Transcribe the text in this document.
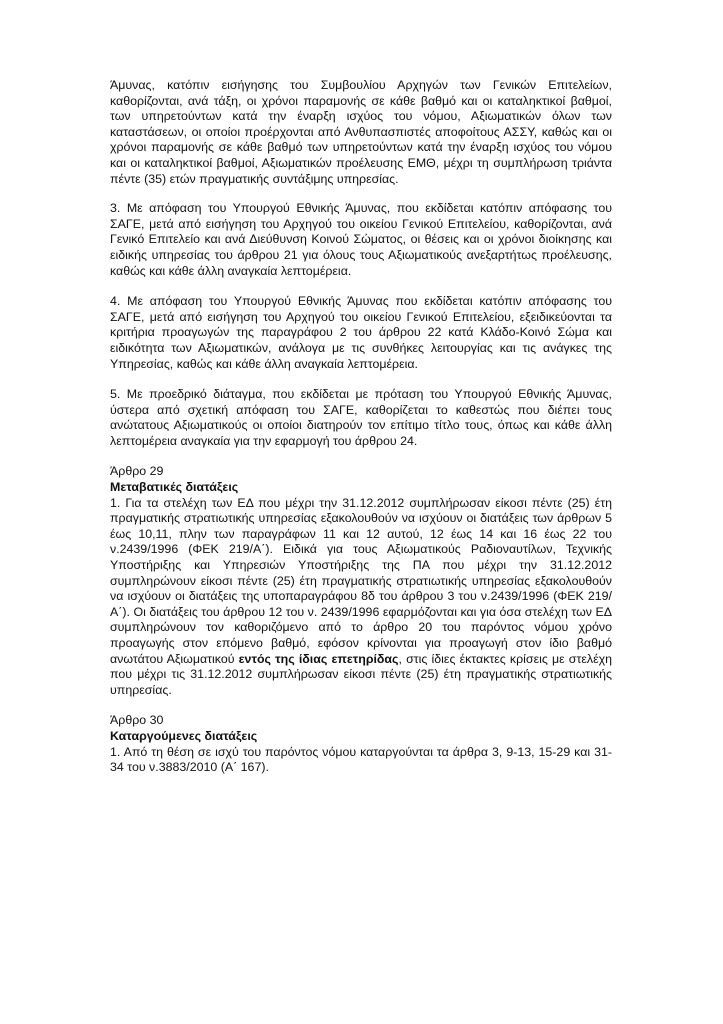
Άμυνας, κατόπιν εισήγησης του Συμβουλίου Αρχηγών των Γενικών Επιτελείων, καθορίζονται, ανά τάξη, οι χρόνοι παραμονής σε κάθε βαθμό και οι καταληκτικοί βαθμοί, των υπηρετούντων κατά την έναρξη ισχύος του νόμου, Αξιωματικών όλων των καταστάσεων, οι οποίοι προέρχονται από Ανθυπασπιστές αποφοίτους ΑΣΣΥ, καθώς και οι χρόνοι παραμονής σε κάθε βαθμό των υπηρετούντων κατά την έναρξη ισχύος του νόμου και οι καταληκτικοί βαθμοί, Αξιωματικών προέλευσης ΕΜΘ, μέχρι τη συμπλήρωση τριάντα πέντε (35) ετών πραγματικής συντάξιμης υπηρεσίας.

3. Με απόφαση του Υπουργού Εθνικής Άμυνας, που εκδίδεται κατόπιν απόφασης του ΣΑΓΕ, μετά από εισήγηση του Αρχηγού του οικείου Γενικού Επιτελείου, καθορίζονται, ανά Γενικό Επιτελείο και ανά Διεύθυνση Κοινού Σώματος, οι θέσεις και οι χρόνοι διοίκησης και ειδικής υπηρεσίας του άρθρου 21 για όλους τους Αξιωματικούς ανεξαρτήτως προέλευσης, καθώς και κάθε άλλη αναγκαία λεπτομέρεια.

4. Με απόφαση του Υπουργού Εθνικής Άμυνας που εκδίδεται κατόπιν απόφασης του ΣΑΓΕ, μετά από εισήγηση του Αρχηγού του οικείου Γενικού Επιτελείου, εξειδικεύονται τα κριτήρια προαγωγών της παραγράφου 2 του άρθρου 22 κατά Κλάδο-Κοινό Σώμα και ειδικότητα των Αξιωματικών, ανάλογα με τις συνθήκες λειτουργίας και τις ανάγκες της Υπηρεσίας, καθώς και κάθε άλλη αναγκαία λεπτομέρεια.

5. Με προεδρικό διάταγμα, που εκδίδεται με πρόταση του Υπουργού Εθνικής Άμυνας, ύστερα από σχετική απόφαση του ΣΑΓΕ, καθορίζεται το καθεστώς που διέπει τους ανώτατους Αξιωματικούς οι οποίοι διατηρούν τον επίτιμο τίτλο τους, όπως και κάθε άλλη λεπτομέρεια αναγκαία για την εφαρμογή του άρθρου 24.

Άρθρο 29

Μεταβατικές διατάξεις

1. Για τα στελέχη των ΕΔ που μέχρι την 31.12.2012 συμπλήρωσαν είκοσι πέντε (25) έτη πραγματικής στρατιωτικής υπηρεσίας εξακολουθούν να ισχύουν οι διατάξεις των άρθρων 5 έως 10,11, πλην των παραγράφων 11 και 12 αυτού, 12 έως 14 και 16 έως 22 του ν.2439/1996 (ΦΕΚ 219/Α΄). Ειδικά για τους Αξιωματικούς Ραδιοναυτίλων, Τεχνικής Υποστήριξης και Υπηρεσιών Υποστήριξης της ΠΑ που μέχρι την 31.12.2012 συμπληρώνουν είκοσι πέντε (25) έτη πραγματικής στρατιωτικής υπηρεσίας εξακολουθούν να ισχύουν οι διατάξεις της υποπαραγράφου 8δ του άρθρου 3 του ν.2439/1996 (ΦΕΚ 219/ Α΄). Οι διατάξεις του άρθρου 12 του ν. 2439/1996 εφαρμόζονται και για όσα στελέχη των ΕΔ συμπληρώνουν τον καθοριζόμενο από το άρθρο 20 του παρόντος νόμου χρόνο προαγωγής στον επόμενο βαθμό, εφόσον κρίνονται για προαγωγή στον ίδιο βαθμό ανωτάτου Αξιωματικού εντός της ίδιας επετηρίδας, στις ίδιες έκτακτες κρίσεις με στελέχη που μέχρι τις 31.12.2012 συμπλήρωσαν είκοσι πέντε (25) έτη πραγματικής στρατιωτικής υπηρεσίας.

Άρθρο 30

Καταργούμενες διατάξεις

1. Από τη θέση σε ισχύ του παρόντος νόμου καταργούνται τα άρθρα 3, 9-13, 15-29 και 31-34 του ν.3883/2010 (Α΄ 167).
